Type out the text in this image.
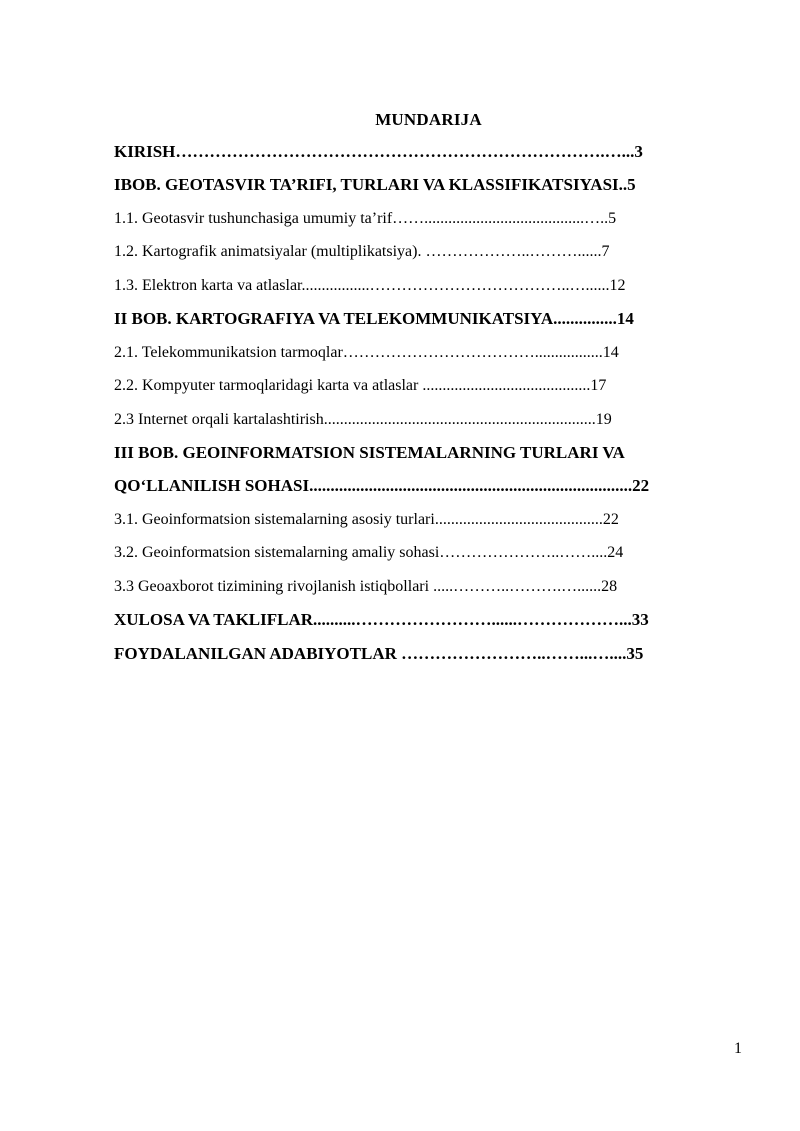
MUNDARIJA
KIRISH………………………………………………………………….…...3
IBOB. GEOTASVIR TA’RIFI, TURLARI VA KLASSIFIKATSIYASI..5
1.1. Geotasvir tushunchasiga umumiy ta’rif……........................................…..5
1.2. Kartografik animatsiyalar (multiplikatsiya). ………………..………......7
1.3. Elektron karta va atlaslar.................………………………………..…......12
II BOB. KARTOGRAFIYA VA TELEKOMMUNIKATSIYA...............14
2.1. Telekommunikatsion tarmoqlar……………………………….................14
2.2. Kompyuter tarmoqlaridagi karta va atlaslar ..........................................17
2.3 Internet orqali kartalashtirish....................................................................19
III BOB. GEOINFORMATSION SISTEMALARNING TURLARI VA
QO‘LLANILISH SOHASI............................................................................22
3.1. Geoinformatsion sistemalarning asosiy turlari..........................................22
3.2. Geoinformatsion sistemalarning amaliy sohasi…………………..……....24
3.3 Geoaxborot tizimining rivojlanish istiqbollari .....………..……….…......28
XULOSA VA TAKLIFLAR..........……………………......………………...33
FOYDALANILGAN ADABIYOTLAR ……………………..……...…....35
1
